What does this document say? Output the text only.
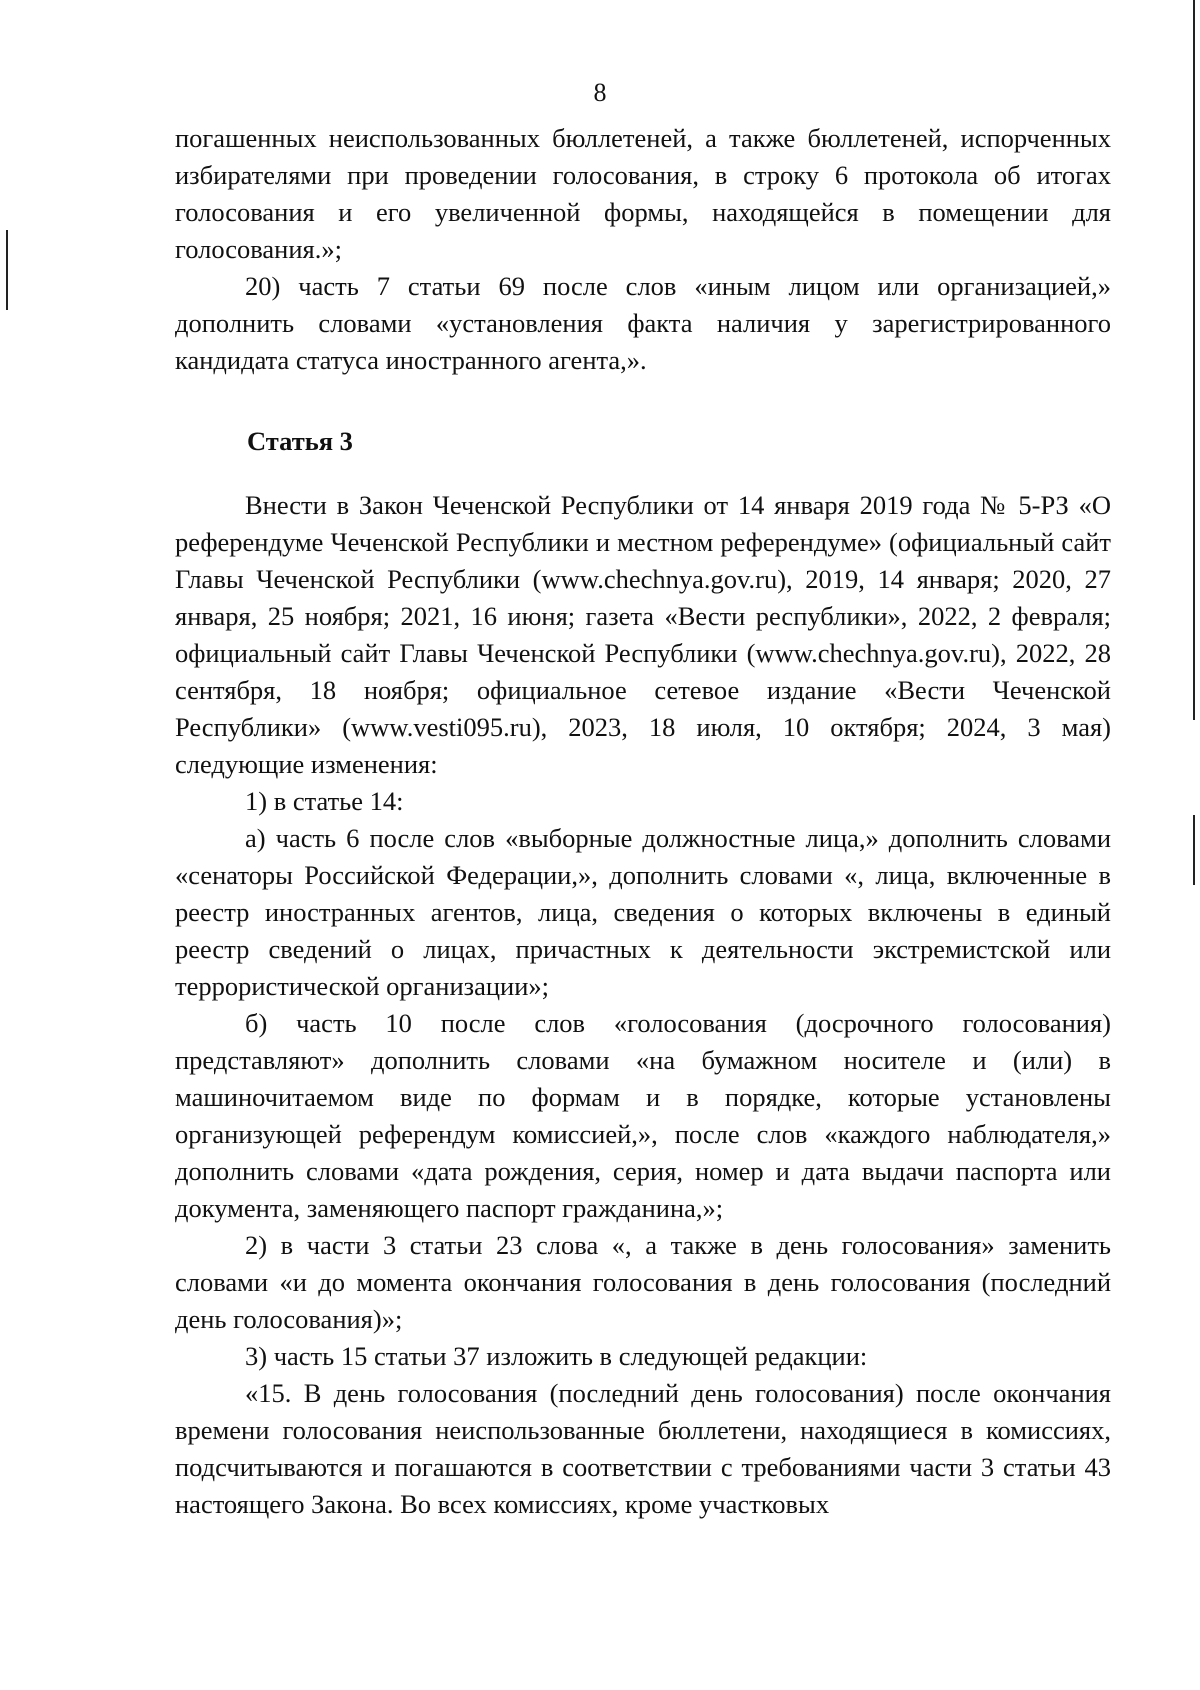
8

погашенных неиспользованных бюллетеней, а также бюллетеней, испорченных избирателями при проведении голосования, в строку 6 протокола об итогах голосования и его увеличенной формы, находящейся в помещении для голосования.»;

20) часть 7 статьи 69 после слов «иным лицом или организацией,» дополнить словами «установления факта наличия у зарегистрированного кандидата статуса иностранного агента,».

Статья 3

Внести в Закон Чеченской Республики от 14 января 2019 года № 5-РЗ «О референдуме Чеченской Республики и местном референдуме» (официальный сайт Главы Чеченской Республики (www.chechnya.gov.ru), 2019, 14 января; 2020, 27 января, 25 ноября; 2021, 16 июня; газета «Вести республики», 2022, 2 февраля; официальный сайт Главы Чеченской Республики (www.chechnya.gov.ru), 2022, 28 сентября, 18 ноября; официальное сетевое издание «Вести Чеченской Республики» (www.vesti095.ru), 2023, 18 июля, 10 октября; 2024, 3 мая) следующие изменения:

1) в статье 14:

а) часть 6 после слов «выборные должностные лица,» дополнить словами «сенаторы Российской Федерации,», дополнить словами «, лица, включенные в реестр иностранных агентов, лица, сведения о которых включены в единый реестр сведений о лицах, причастных к деятельности экстремистской или террористической организации»;

б) часть 10 после слов «голосования (досрочного голосования) представляют» дополнить словами «на бумажном носителе и (или) в машиночитаемом виде по формам и в порядке, которые установлены организующей референдум комиссией,», после слов «каждого наблюдателя,» дополнить словами «дата рождения, серия, номер и дата выдачи паспорта или документа, заменяющего паспорт гражданина,»;

2) в части 3 статьи 23 слова «, а также в день голосования» заменить словами «и до момента окончания голосования в день голосования (последний день голосования)»;

3) часть 15 статьи 37 изложить в следующей редакции:

«15. В день голосования (последний день голосования) после окончания времени голосования неиспользованные бюллетени, находящиеся в комиссиях, подсчитываются и погашаются в соответствии с требованиями части 3 статьи 43 настоящего Закона. Во всех комиссиях, кроме участковых
